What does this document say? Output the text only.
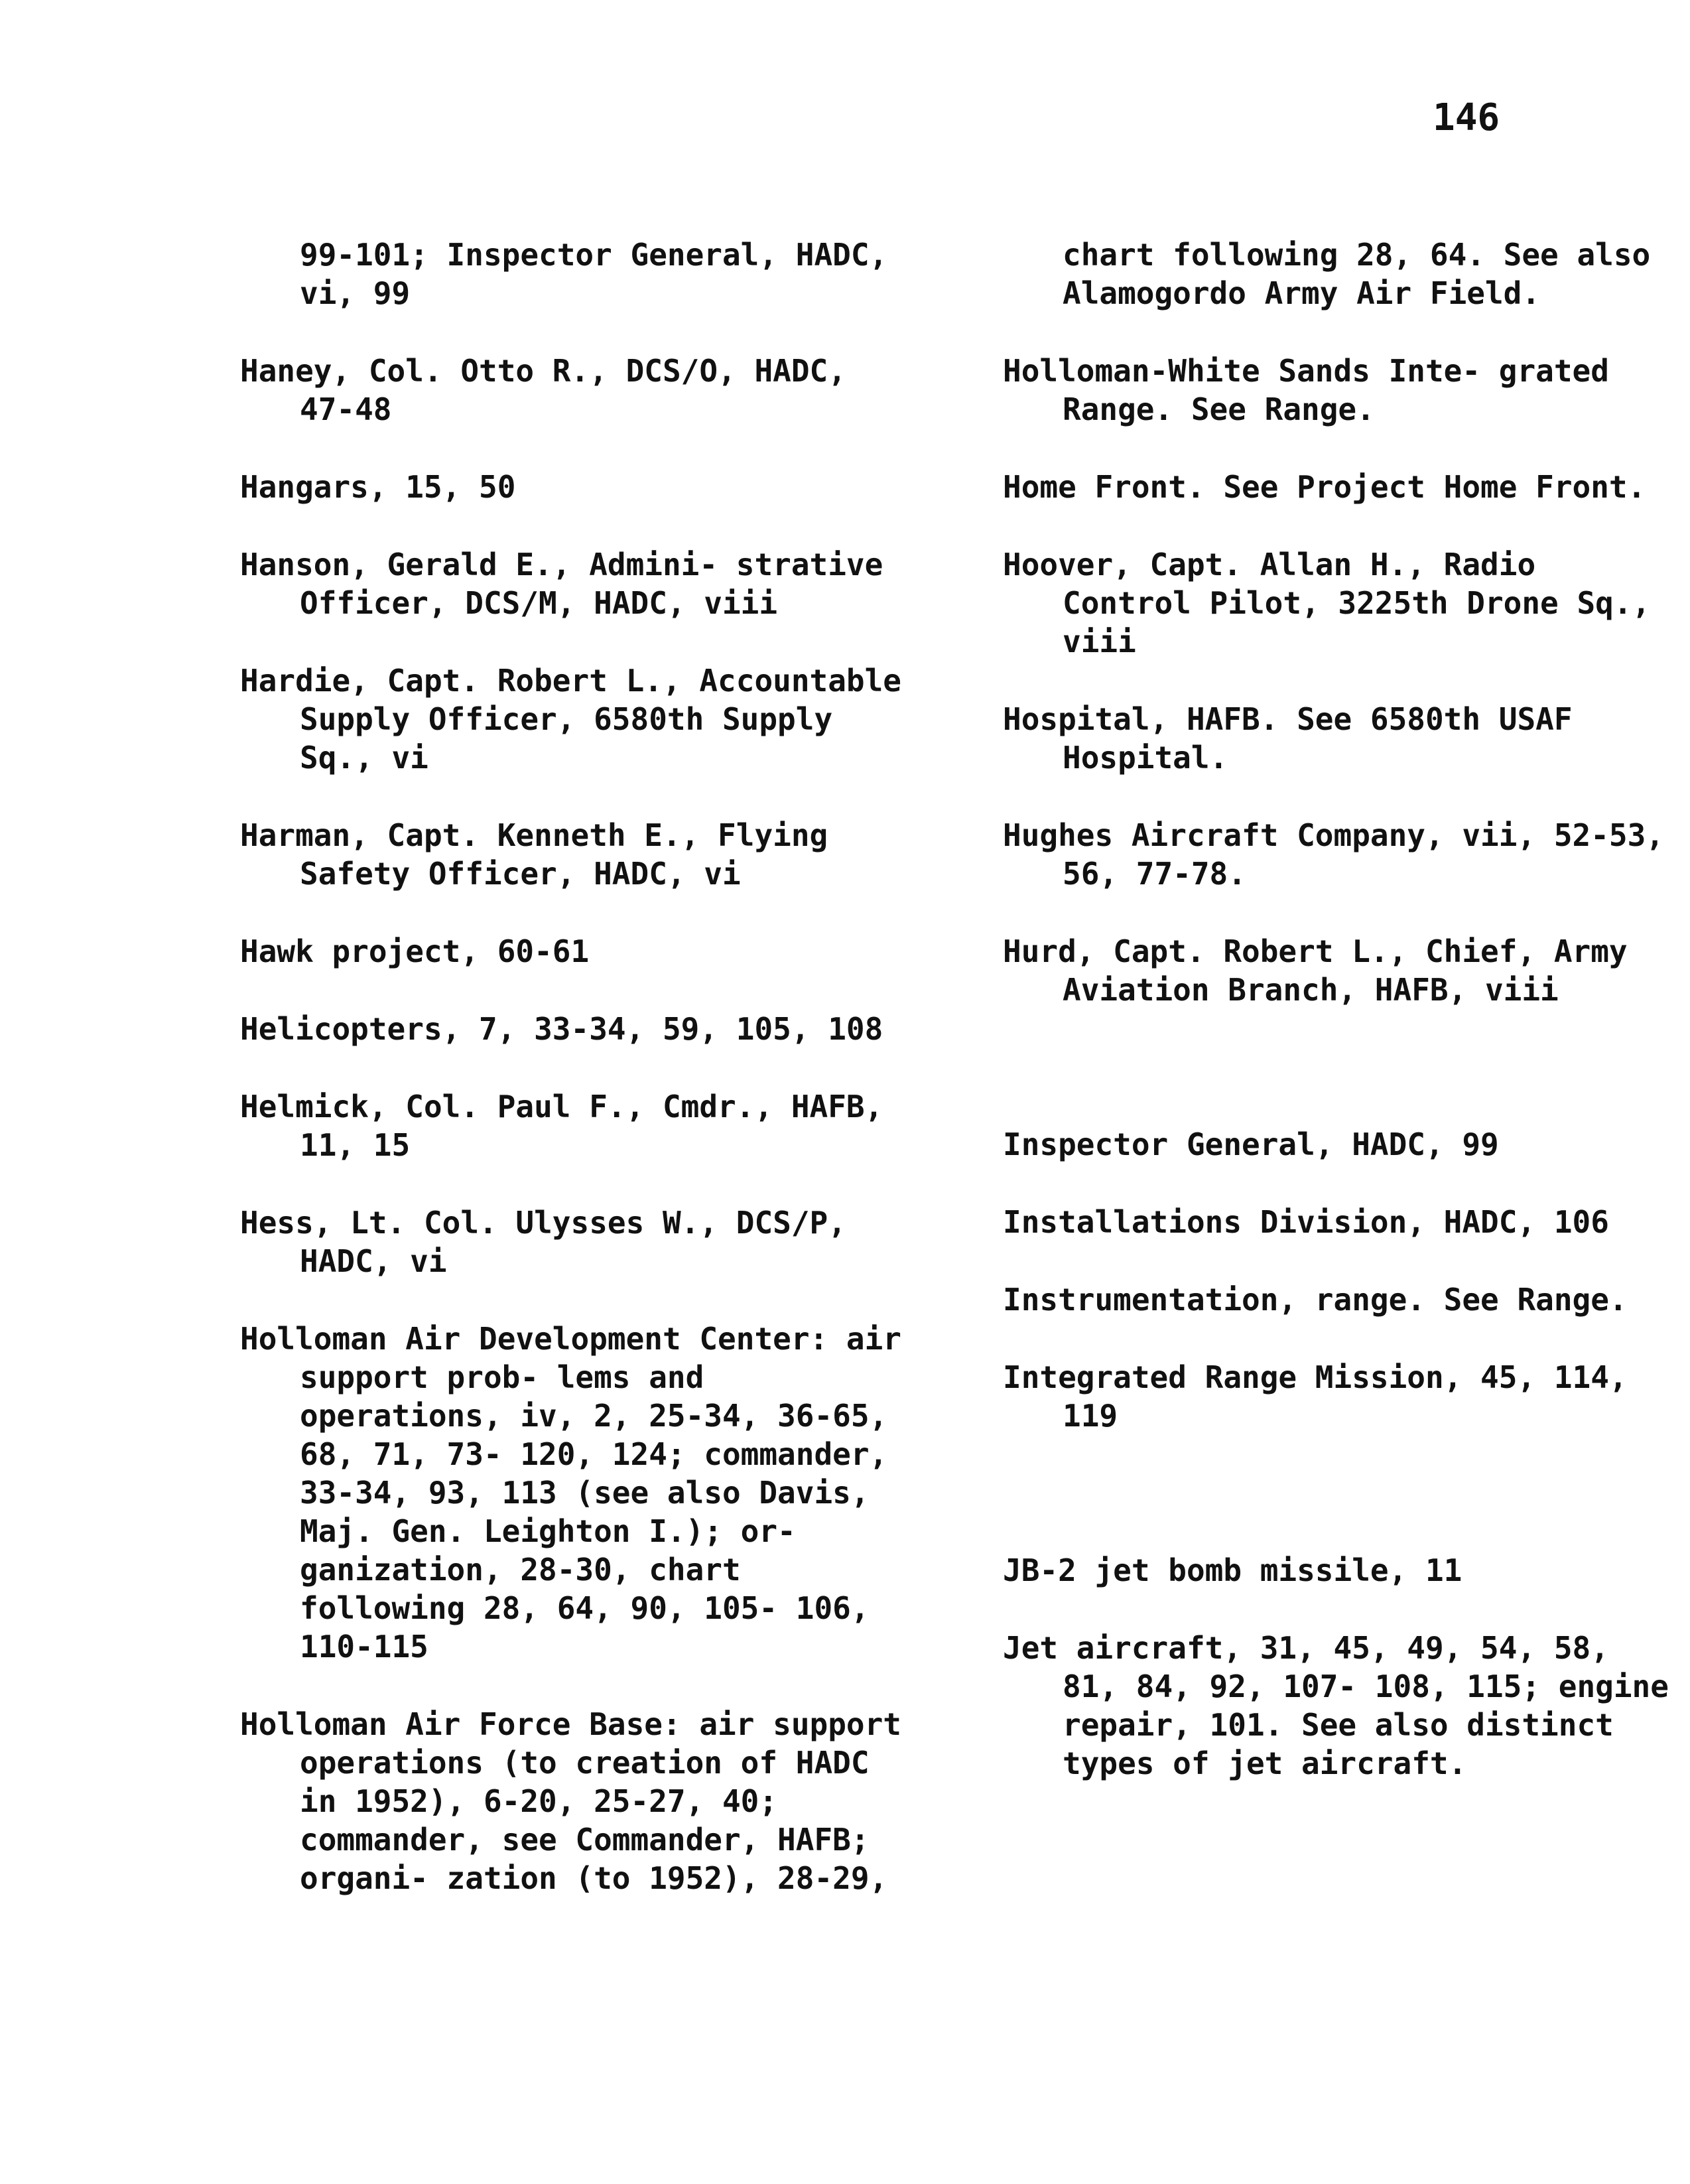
146
99-101; Inspector General, HADC, vi, 99
Haney, Col. Otto R., DCS/O, HADC, 47-48
Hangars, 15, 50
Hanson, Gerald E., Admini- strative Officer, DCS/M, HADC, viii
Hardie, Capt. Robert L., Accountable Supply Officer, 6580th Supply Sq., vi
Harman, Capt. Kenneth E., Flying Safety Officer, HADC, vi
Hawk project, 60-61
Helicopters, 7, 33-34, 59, 105, 108
Helmick, Col. Paul F., Cmdr., HAFB, 11, 15
Hess, Lt. Col. Ulysses W., DCS/P, HADC, vi
Holloman Air Development Center: air support prob- lems and operations, iv, 2, 25-34, 36-65, 68, 71, 73- 120, 124; commander, 33-34, 93, 113 (see also Davis, Maj. Gen. Leighton I.); or- ganization, 28-30, chart following 28, 64, 90, 105- 106, 110-115
Holloman Air Force Base: air support operations (to creation of HADC in 1952), 6-20, 25-27, 40; commander, see Commander, HAFB; organi- zation (to 1952), 28-29,
chart following 28, 64. See also Alamogordo Army Air Field.
Holloman-White Sands Inte- grated Range. See Range.
Home Front. See Project Home Front.
Hoover, Capt. Allan H., Radio Control Pilot, 3225th Drone Sq., viii
Hospital, HAFB. See 6580th USAF Hospital.
Hughes Aircraft Company, vii, 52-53, 56, 77-78.
Hurd, Capt. Robert L., Chief, Army Aviation Branch, HAFB, viii
Inspector General, HADC, 99
Installations Division, HADC, 106
Instrumentation, range. See Range.
Integrated Range Mission, 45, 114, 119
JB-2 jet bomb missile, 11
Jet aircraft, 31, 45, 49, 54, 58, 81, 84, 92, 107- 108, 115; engine repair, 101. See also distinct types of jet aircraft.
